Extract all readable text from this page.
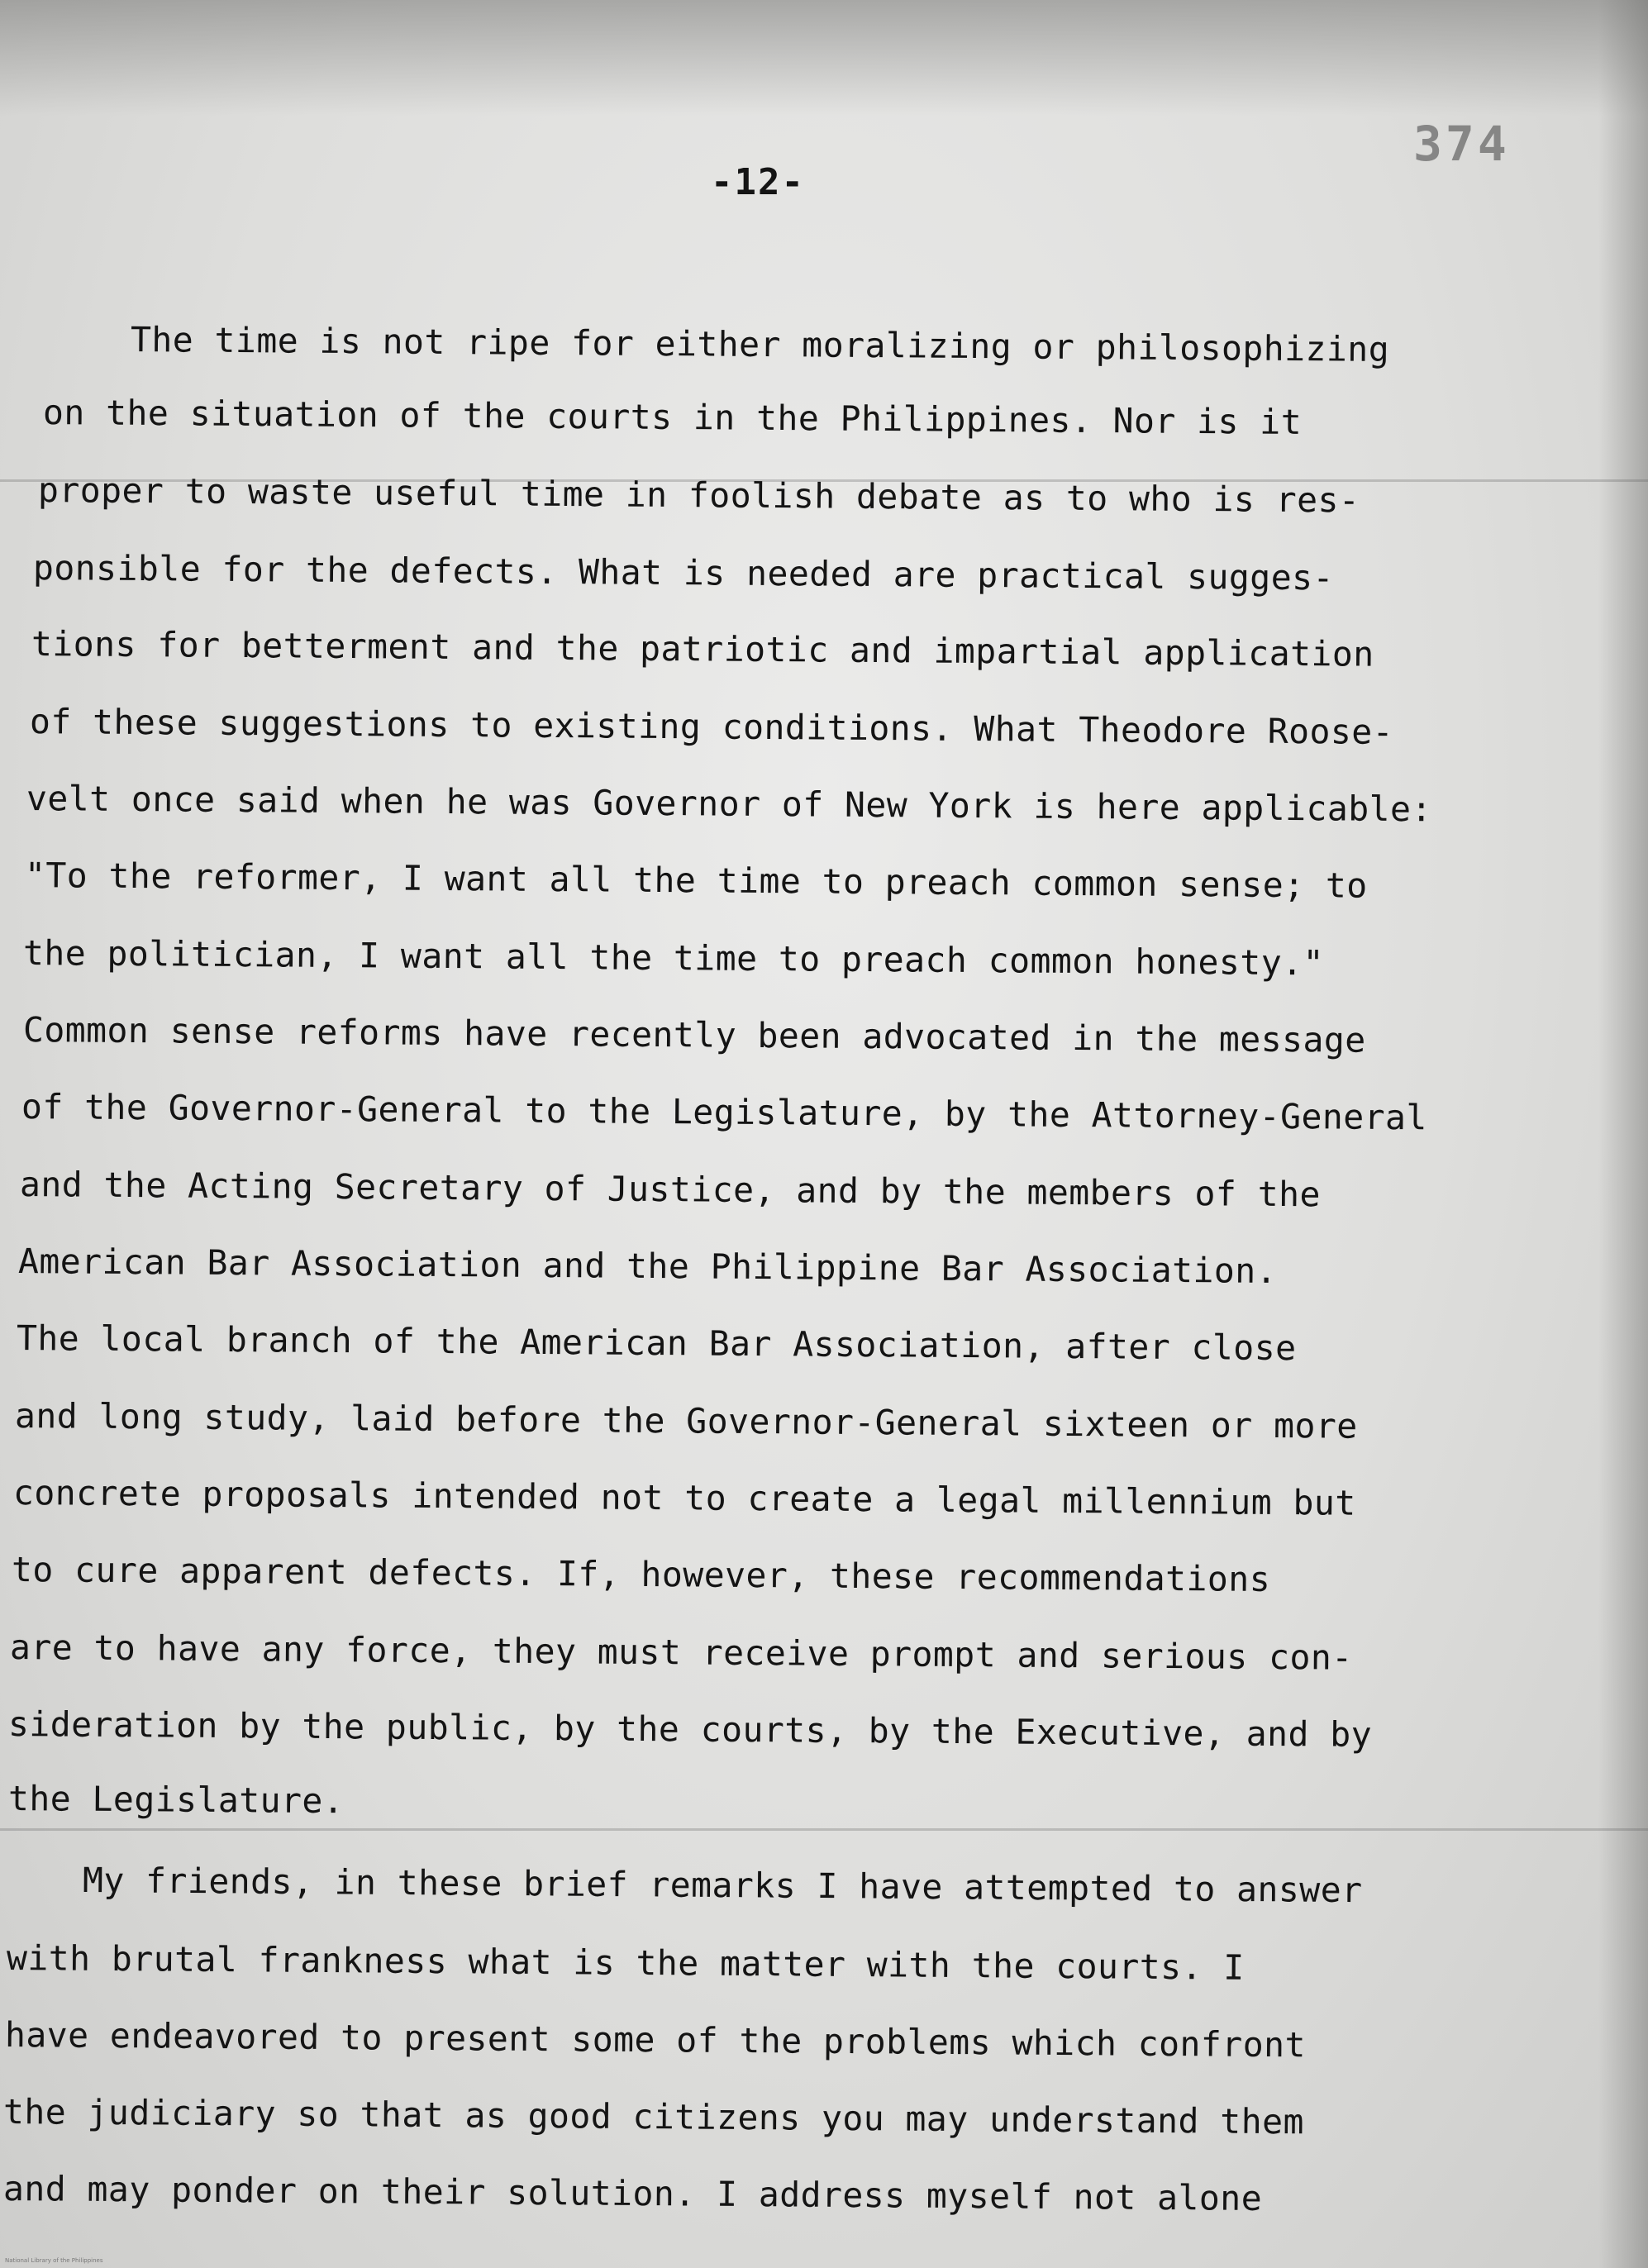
-12-
374
The time is not ripe for either moralizing or philosophizing
on the situation of the courts in the Philippines. Nor is it
proper to waste useful time in foolish debate as to who is res-
ponsible for the defects. What is needed are practical sugges-
tions for betterment and the patriotic and impartial application
of these suggestions to existing conditions. What Theodore Roose-
velt once said when he was Governor of New York is here applicable:
"To the reformer, I want all the time to preach common sense; to
the politician, I want all the time to preach common honesty."
Common sense reforms have recently been advocated in the message
of the Governor-General to the Legislature, by the Attorney-General
and the Acting Secretary of Justice, and by the members of the
American Bar Association and the Philippine Bar Association.
The local branch of the American Bar Association, after close
and long study, laid before the Governor-General sixteen or more
concrete proposals intended not to create a legal millennium but
to cure apparent defects. If, however, these recommendations
are to have any force, they must receive prompt and serious con-
sideration by the public, by the courts, by the Executive, and by
the Legislature.
My friends, in these brief remarks I have attempted to answer
with brutal frankness what is the matter with the courts. I
have endeavored to present some of the problems which confront
the judiciary so that as good citizens you may understand them
and may ponder on their solution. I address myself not alone
National Library of the Philippines
